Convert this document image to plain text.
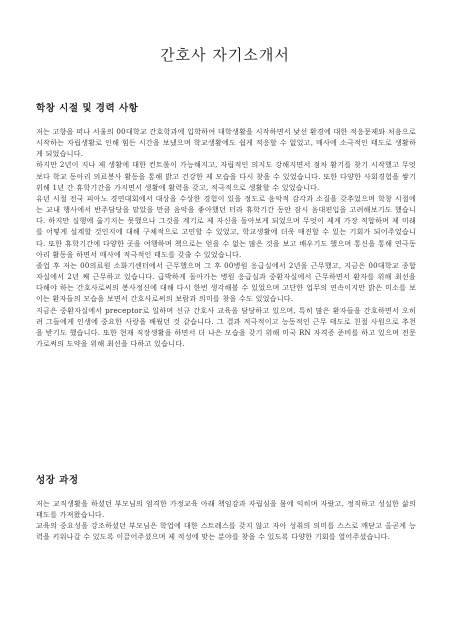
간호사 자기소개서
학창 시절 및 경력 사항

저는 고향을 떠나 서울의 00대학교 간호학과에 입학하여 대학생활을 시작하면서 낯선 환경에 대한 적응문제와 처음으로 시작하는 자립생활로 인해 힘든 시간을 보냈으며 학교생활에도 쉽게 적응할 수 없었고, 매사에 소극적인 태도로 생활하게 되었습니다.

하지만 2년이 지나 제 생활에 대한 컨트롤이 가능해지고, 자립적인 의지도 강해지면서 점차 활기를 찾기 시작했고 무엇보다 학교 동아리 의료봉사 활동을 통해 밝고 건강한 제 모습을 다시 찾을 수 있었습니다. 또한 다양한 사회경험을 쌓기 위해 1년 간 휴학기간을 가지면서 생활에 활력을 갖고, 적극적으로 생활할 수 있었습니다.

유년 시절 전국 피아노 경연대회에서 대상을 수상한 경험이 있을 정도로 음악적 감각과 소질을 갖추었으며 학창 시절에는 교내 행사에서 반주담당을 맡았을 만큼 음악을 좋아했던 터라 휴학기간 동안 잠시 음대편입을 고려해보기도 했습니다. 하지만 실행에 옮기지는 못했으나 그것을 계기로 제 자신을 돌아보게 되었으며 무엇이 제게 가장 적합하며 제 미래를 어떻게 설계할 것인지에 대해 구체적으로 고민할 수 있었고, 학교생활에 더욱 매진할 수 있는 기회가 되어주었습니다. 또한 휴학기간에 다양한 곳을 여행하며 책으로는 얻을 수 없는 많은 것을 보고 배우기도 했으며 통신을 통해 연극동아리 활동을 하면서 매사에 적극적인 태도를 갖출 수 있었습니다.

졸업 후 저는 00의료원 소화기센터에서 근무했으며 그 후 00병원 응급실에서 2년을 근무했고, 지금은 00대학교 종합자실에서 2년 째 근무하고 있습니다. 급박하게 돌아가는 병원 응급실과 중환자실에서 근무하면서 환자를 위해 최선을 다해야 하는 간호사로써의 봉사정신에 대해 다시 한번 생각해볼 수 있었으며 고단한 업무의 연속이지만 밝은 미소를 보이는 환자들의 모습을 보면서 간호사로써의 보람과 의미를 찾을 수도 있었습니다.

지금은 중환자실에서 preceptor로 일하며 신규 간호사 교육을 담당하고 있으며, 특히 많은 환자들을 간호하면서 오히려 그들에게 인생에 중요한 사랑을 배웠던 것 같습니다. 그 결과 적극적이고 능동적인 근무 태도로 친절 사원으로 추천을 받기도 했습니다. 또한 현재 직장생활을 하면서 더 나은 모습을 갖기 위해 미국 RN 자격증 준비를 하고 있으며 전문가로써의 도약을 위해 최선을 다하고 있습니다.

성장 과정

저는 교직생활을 하셨던 부모님의 엄격한 가정교육 아래 책임감과 자립심을 몸에 익히며 자랐고, 정직하고 성실한 삶의 태도를 가져왔습니다.

교육의 중요성을 강조하셨던 부모님은 학업에 대한 스트레스를 갖지 않고 자아 성취의 의미를 스스로 깨닫고 올곧게 능력을 키워나갈 수 있도록 이끌어주셨으며 제 적성에 맞는 분야를 찾을 수 있도록 다양한 기회를 열어주셨습니다.
